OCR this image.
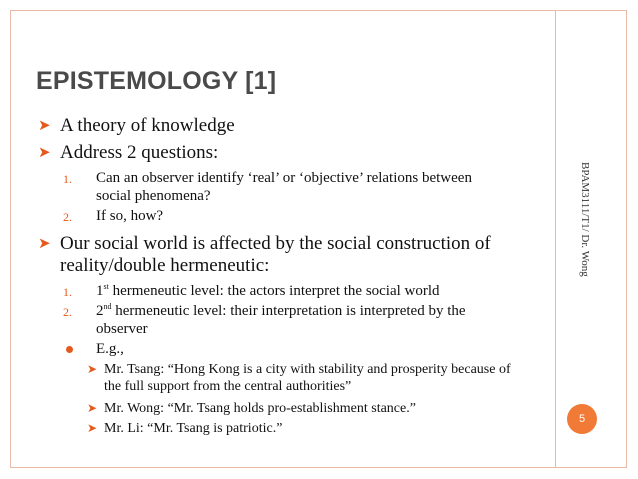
EPISTEMOLOGY [1]
BPAM3111/T1/ Dr. Wong
5
➤ A theory of knowledge
➤ Address 2 questions:
1. Can an observer identify ‘real’ or ‘objective’ relations between
social phenomena?
2. If so, how?
➤ Our social world is affected by the social construction of
reality/double hermeneutic:
1. 1st hermeneutic level: the actors interpret the social world
2. 2nd hermeneutic level: their interpretation is interpreted by the
observer
E.g.,
➤ Mr. Tsang: “Hong Kong is a city with stability and prosperity because of
the full support from the central authorities”
➤ Mr. Wong: “Mr. Tsang holds pro-establishment stance.”
➤ Mr. Li: “Mr. Tsang is patriotic.”
